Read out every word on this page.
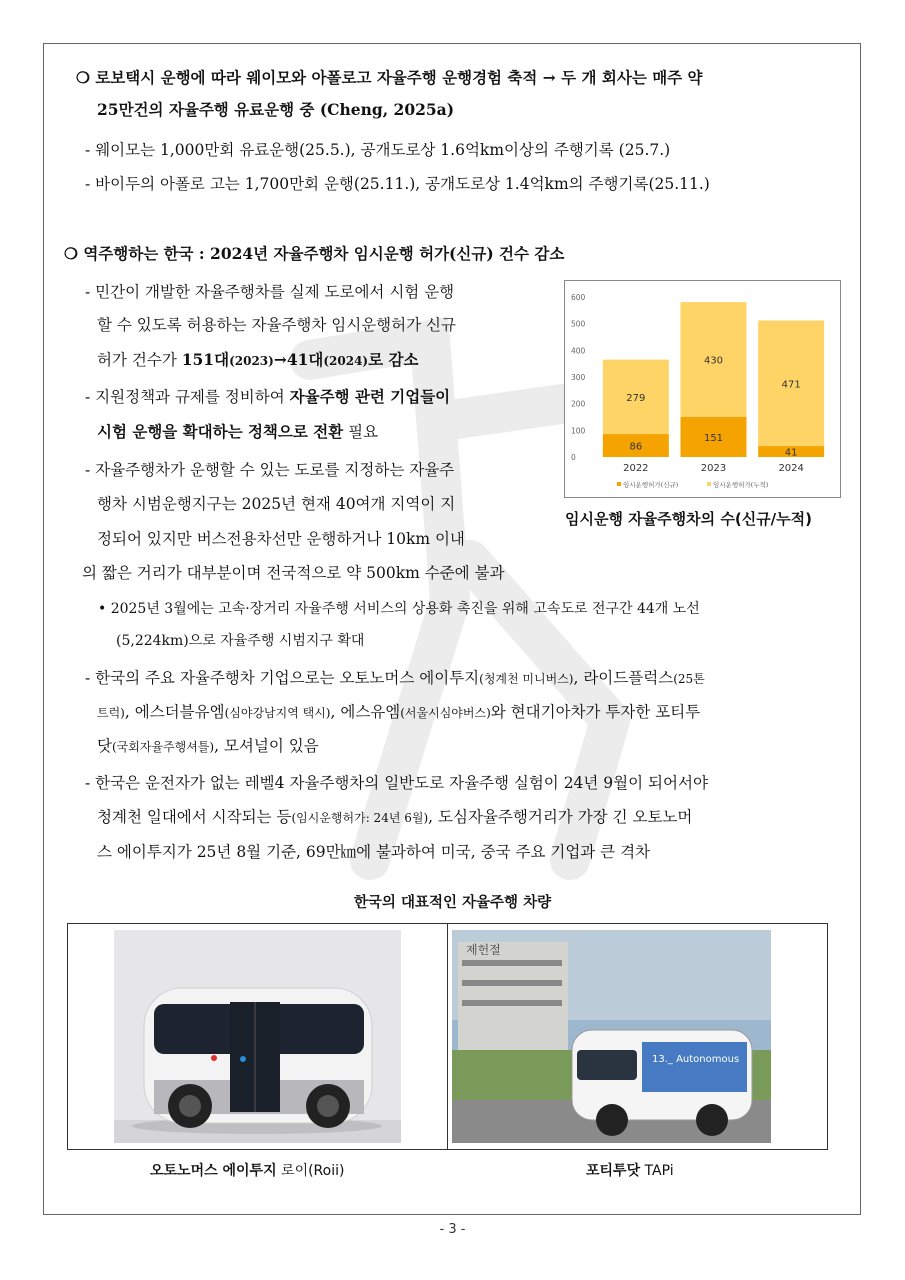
❍ 로보택시 운행에 따라 웨이모와 아폴로고 자율주행 운행경험 축적 → 두 개 회사는 매주 약
25만건의 자율주행 유료운행 중 (Cheng, 2025a)
- 웨이모는 1,000만회 유료운행(25.5.), 공개도로상 1.6억km이상의 주행기록 (25.7.)
- 바이두의 아폴로 고는 1,700만회 운행(25.11.), 공개도로상 1.4억km의 주행기록(25.11.)
❍ 역주행하는 한국 : 2024년 자율주행차 임시운행 허가(신규) 건수 감소
- 민간이 개발한 자율주행차를 실제 도로에서 시험 운행
할 수 있도록 허용하는 자율주행차 임시운행허가 신규
허가 건수가 151대(2023)→41대(2024)로 감소
- 지원정책과 규제를 정비하여 자율주행 관련 기업들이
시험 운행을 확대하는 정책으로 전환 필요
- 자율주행차가 운행할 수 있는 도로를 지정하는 자율주
행차 시범운행지구는 2025년 현재 40여개 지역이 지
정되어 있지만 버스전용차선만 운행하거나 10km 이내
의 짧은 거리가 대부분이며 전국적으로 약 500km 수준에 불과
• 2025년 3월에는 고속·장거리 자율주행 서비스의 상용화 촉진을 위해 고속도로 전구간 44개 노선
(5,224km)으로 자율주행 시범지구 확대
- 한국의 주요 자율주행차 기업으로는 오토노머스 에이투지(청계천 미니버스), 라이드플럭스(25톤
트럭), 에스더블유엠(심야강남지역 택시), 에스유엠(서울시심야버스)와 현대기아차가 투자한 포티투
닷(국회자율주행셔틀), 모셔널이 있음
- 한국은 운전자가 없는 레벨4 자율주행차의 일반도로 자율주행 실험이 24년 9월이 되어서야
청계천 일대에서 시작되는 등(임시운행허가: 24년 6월), 도심자율주행거리가 가장 긴 오토노머
스 에이투지가 25년 8월 기준, 69만㎞에 불과하여 미국, 중국 주요 기업과 큰 격차
0
100
200
300
400
500
600
86
279
2022
151
430
2023
41
471
2024
임시운행허가(신규)	임시운행허가(누적)
임시운행 자율주행차의 수(신규/누적)
한국의 대표적인 자율주행 차량
13._ Autonomous
제헌절
오토노머스 에이투지 로이(Roii)	포티투닷 TAPi
- 3 -
